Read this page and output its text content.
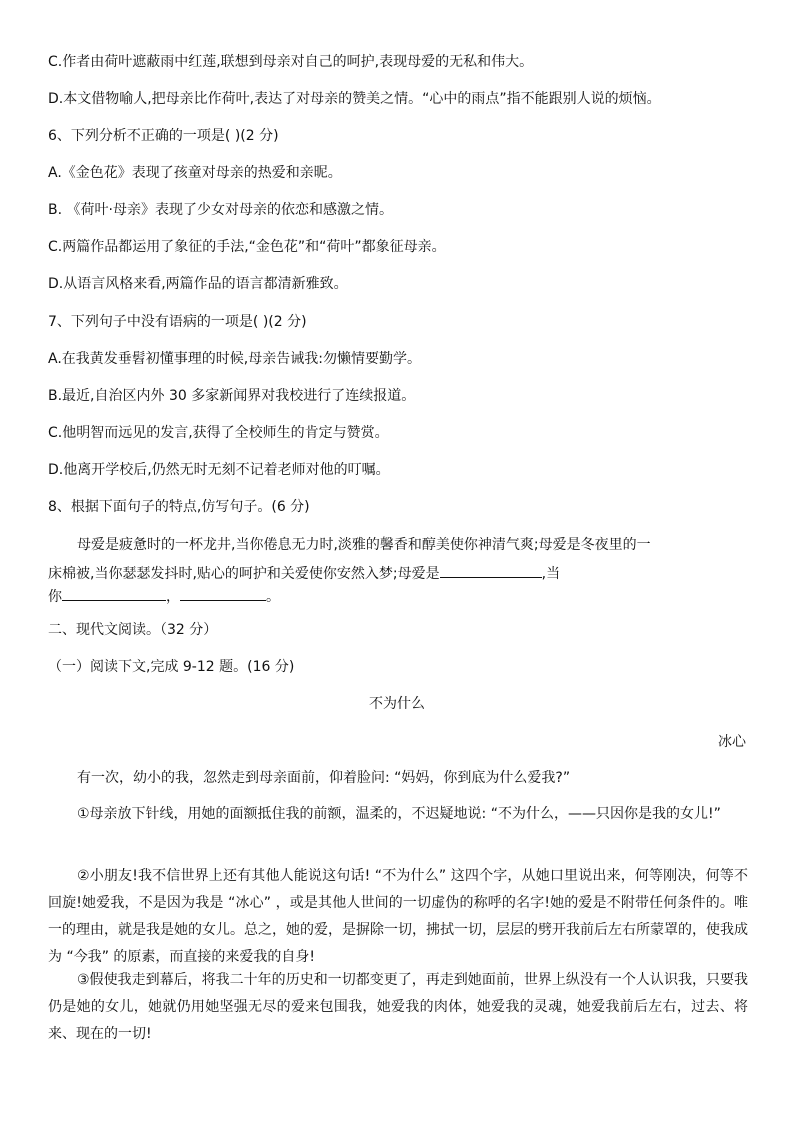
C.作者由荷叶遮蔽雨中红莲,联想到母亲对自己的呵护,表现母爱的无私和伟大。
D.本文借物喻人,把母亲比作荷叶,表达了对母亲的赞美之情。“心中的雨点”指不能跟别人说的烦恼。
6、下列分析不正确的一项是( )(2 分)
A.《金色花》表现了孩童对母亲的热爱和亲昵。
B. 《荷叶·母亲》表现了少女对母亲的依恋和感激之情。
C.两篇作品都运用了象征的手法,“金色花”和“荷叶”都象征母亲。
D.从语言风格来看,两篇作品的语言都清新雅致。
7、下列句子中没有语病的一项是( )(2 分)
A.在我黄发垂髫初懂事理的时候,母亲告诫我:勿懒情要勤学。
B.最近,自治区内外 30 多家新闻界对我校进行了连续报道。
C.他明智而远见的发言,获得了全校师生的肯定与赞赏。
D.他离开学校后,仍然无时无刻不记着老师对他的叮嘱。
8、根据下面句子的特点,仿写句子。(6 分)
母爱是疲惫时的一杯龙井,当你倦息无力时,淡雅的馨香和醇美使你神清气爽;母爱是冬夜里的一
床棉被,当你瑟瑟发抖时,贴心的呵护和关爱使你安然入梦;母爱是	,当
你	，	。
二、现代文阅读。（32 分）
（一）阅读下文,完成 9-12 题。(16 分)
不为什么
冰心
有一次，幼小的我，忽然走到母亲面前，仰着脸问: “妈妈，你到底为什么爱我?”
①母亲放下针线，用她的面额抵住我的前额，温柔的，不迟疑地说: “不为什么，——只因你是我的女儿!”
②小朋友!我不信世界上还有其他人能说这句话! “不为什么” 这四个字，从她口里说出来，何等刚决，何等不回旋!她爱我，不是因为我是 “冰心” ，或是其他人世间的一切虚伪的称呼的名字!她的爱是不附带任何条件的。唯一的理由，就是我是她的女儿。总之，她的爱，是摒除一切，拂拭一切，层层的劈开我前后左右所蒙罩的，使我成为 “今我” 的原素，而直接的来爱我的自身!
③假使我走到幕后，将我二十年的历史和一切都变更了，再走到她面前，世界上纵没有一个人认识我，只要我仍是她的女儿，她就仍用她坚强无尽的爱来包围我，她爱我的肉体，她爱我的灵魂，她爱我前后左右，过去、将来、现在的一切!
